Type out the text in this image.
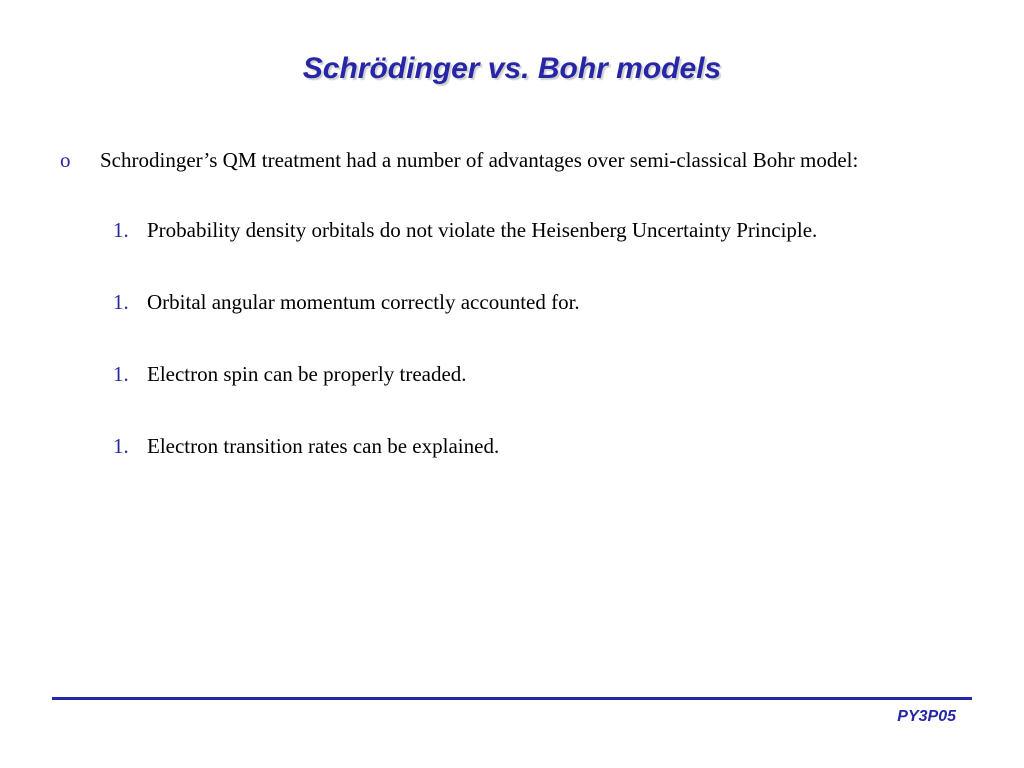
Schrödinger vs. Bohr models
o Schrodinger’s QM treatment had a number of advantages over semi-classical Bohr model:
1. Probability density orbitals do not violate the Heisenberg Uncertainty Principle.
1. Orbital angular momentum correctly accounted for.
1. Electron spin can be properly treaded.
1. Electron transition rates can be explained.
PY3P05
